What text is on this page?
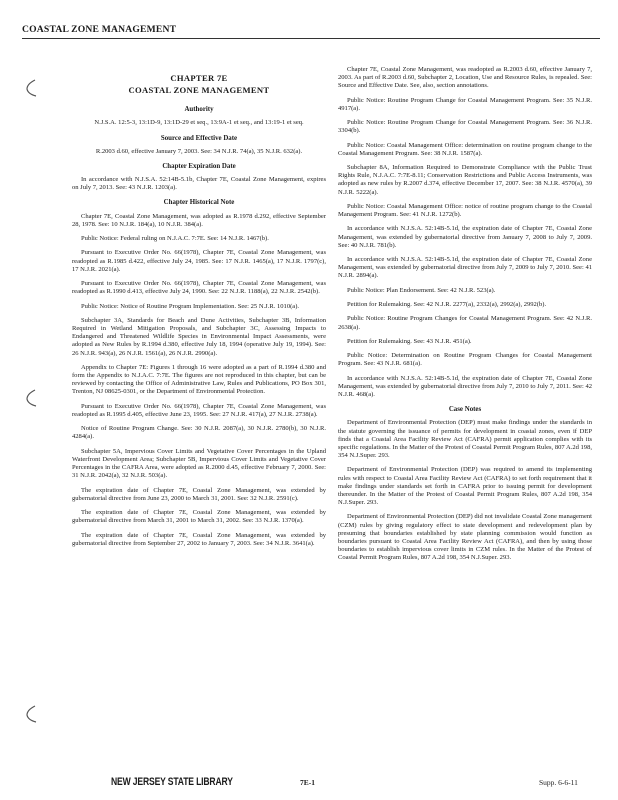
COASTAL ZONE MANAGEMENT
CHAPTER 7E
COASTAL ZONE MANAGEMENT
Authority

N.J.S.A. 12:5-3, 13:1D-9, 13:1D-29 et seq., 13:9A-1 et seq., and 13:19-1 et seq.

Source and Effective Date

R.2003 d.60, effective January 7, 2003. See: 34 N.J.R. 74(a), 35 N.J.R. 632(a).

Chapter Expiration Date

In accordance with N.J.S.A. 52:14B-5.1b, Chapter 7E, Coastal Zone Management, expires on July 7, 2013. See: 43 N.J.R. 1203(a).

Chapter Historical Note

Chapter 7E, Coastal Zone Management, was adopted as R.1978 d.292, effective September 28, 1978. See: 10 N.J.R. 184(a), 10 N.J.R. 384(a).

Public Notice: Federal ruling on N.J.A.C. 7:7E. See: 14 N.J.R. 1467(b).

Pursuant to Executive Order No. 66(1978), Chapter 7E, Coastal Zone Management, was readopted as R.1985 d.422, effective July 24, 1985. See: 17 N.J.R. 1465(a), 17 N.J.R. 1797(c), 17 N.J.R. 2021(a).

Pursuant to Executive Order No. 66(1978), Chapter 7E, Coastal Zone Management, was readopted as R.1990 d.413, effective July 24, 1990. See: 22 N.J.R. 1188(a), 22 N.J.R. 2542(b).

Public Notice: Notice of Routine Program Implementation. See: 25 N.J.R. 1010(a).

Subchapter 3A, Standards for Beach and Dune Activities, Subchapter 3B, Information Required in Wetland Mitigation Proposals, and Subchapter 3C, Assessing Impacts to Endangered and Threatened Wildlife Species in Environmental Impact Assessments, were adopted as New Rules by R.1994 d.380, effective July 18, 1994 (operative July 19, 1994). See: 26 N.J.R. 943(a), 26 N.J.R. 1561(a), 26 N.J.R. 2990(a).

Appendix to Chapter 7E: Figures 1 through 16 were adopted as a part of R.1994 d.380 and form the Appendix to N.J.A.C. 7:7E. The figures are not reproduced in this chapter, but can be reviewed by contacting the Office of Administrative Law, Rules and Publications, PO Box 301, Trenton, NJ 08625-0301, or the Department of Environmental Protection.

Pursuant to Executive Order No. 66(1978), Chapter 7E, Coastal Zone Management, was readopted as R.1995 d.405, effective June 23, 1995. See: 27 N.J.R. 417(a), 27 N.J.R. 2738(a).

Notice of Routine Program Change. See: 30 N.J.R. 2087(a), 30 N.J.R. 2780(b), 30 N.J.R. 4284(a).

Subchapter 5A, Impervious Cover Limits and Vegetative Cover Percentages in the Upland Waterfront Development Area; Subchapter 5B, Impervious Cover Limits and Vegetative Cover Percentages in the CAFRA Area, were adopted as R.2000 d.45, effective February 7, 2000. See: 31 N.J.R. 2042(a), 32 N.J.R. 503(a).

The expiration date of Chapter 7E, Coastal Zone Management, was extended by gubernatorial directive from June 23, 2000 to March 31, 2001. See: 32 N.J.R. 2591(c).

The expiration date of Chapter 7E, Coastal Zone Management, was extended by gubernatorial directive from March 31, 2001 to March 31, 2002. See: 33 N.J.R. 1370(a).

The expiration date of Chapter 7E, Coastal Zone Management, was extended by gubernatorial directive from September 27, 2002 to January 7, 2003. See: 34 N.J.R. 3641(a).

Chapter 7E, Coastal Zone Management, was readopted as R.2003 d.60, effective January 7, 2003. As part of R.2003 d.60, Subchapter 2, Location, Use and Resource Rules, is repealed. See: Source and Effective Date. See, also, section annotations.

Public Notice: Routine Program Change for Coastal Management Program. See: 35 N.J.R. 4917(a).

Public Notice: Routine Program Change for Coastal Management Program. See: 36 N.J.R. 3304(b).

Public Notice: Coastal Management Office: determination on routine program change to the Coastal Management Program. See: 38 N.J.R. 1587(a).

Subchapter 8A, Information Required to Demonstrate Compliance with the Public Trust Rights Rule, N.J.A.C. 7:7E-8.11; Conservation Restrictions and Public Access Instruments, was adopted as new rules by R.2007 d.374, effective December 17, 2007. See: 38 N.J.R. 4570(a), 39 N.J.R. 5222(a).

Public Notice: Coastal Management Office: notice of routine program change to the Coastal Management Program. See: 41 N.J.R. 1272(b).

In accordance with N.J.S.A. 52:14B-5.1d, the expiration date of Chapter 7E, Coastal Zone Management, was extended by gubernatorial directive from January 7, 2008 to July 7, 2009. See: 40 N.J.R. 781(b).

In accordance with N.J.S.A. 52:14B-5.1d, the expiration date of Chapter 7E, Coastal Zone Management, was extended by gubernatorial directive from July 7, 2009 to July 7, 2010. See: 41 N.J.R. 2894(a).

Public Notice: Plan Endorsement. See: 42 N.J.R. 523(a).

Petition for Rulemaking. See: 42 N.J.R. 2277(a), 2332(a), 2992(a), 2992(b).

Public Notice: Routine Program Changes for Coastal Management Program. See: 42 N.J.R. 2638(a).

Petition for Rulemaking. See: 43 N.J.R. 451(a).

Public Notice: Determination on Routine Program Changes for Coastal Management Program. See: 43 N.J.R. 681(a).

In accordance with N.J.S.A. 52:14B-5.1d, the expiration date of Chapter 7E, Coastal Zone Management, was extended by gubernatorial directive from July 7, 2010 to July 7, 2011. See: 42 N.J.R. 468(a).

Case Notes

Department of Environmental Protection (DEP) must make findings under the standards in the statute governing the issuance of permits for development in coastal zones, even if DEP finds that a Coastal Area Facility Review Act (CAFRA) permit application complies with its specific regulations. In the Matter of the Protest of Coastal Permit Program Rules, 807 A.2d 198, 354 N.J.Super. 293.

Department of Environmental Protection (DEP) was required to amend its implementing rules with respect to Coastal Area Facility Review Act (CAFRA) to set forth requirement that it make findings under standards set forth in CAFRA prior to issuing permit for development thereunder. In the Matter of the Protest of Coastal Permit Program Rules, 807 A.2d 198, 354 N.J.Super. 293.

Department of Environmental Protection (DEP) did not invalidate Coastal Zone management (CZM) rules by giving regulatory effect to state development and redevelopment plan by presuming that boundaries established by state planning commission would function as boundaries pursuant to Coastal Area Facility Review Act (CAFRA), and then by using those boundaries to establish impervious cover limits in CZM rules. In the Matter of the Protest of Coastal Permit Program Rules, 807 A.2d 198, 354 N.J.Super. 293.

NEW JERSEY STATE LIBRARY	7E-1	Supp. 6-6-11
